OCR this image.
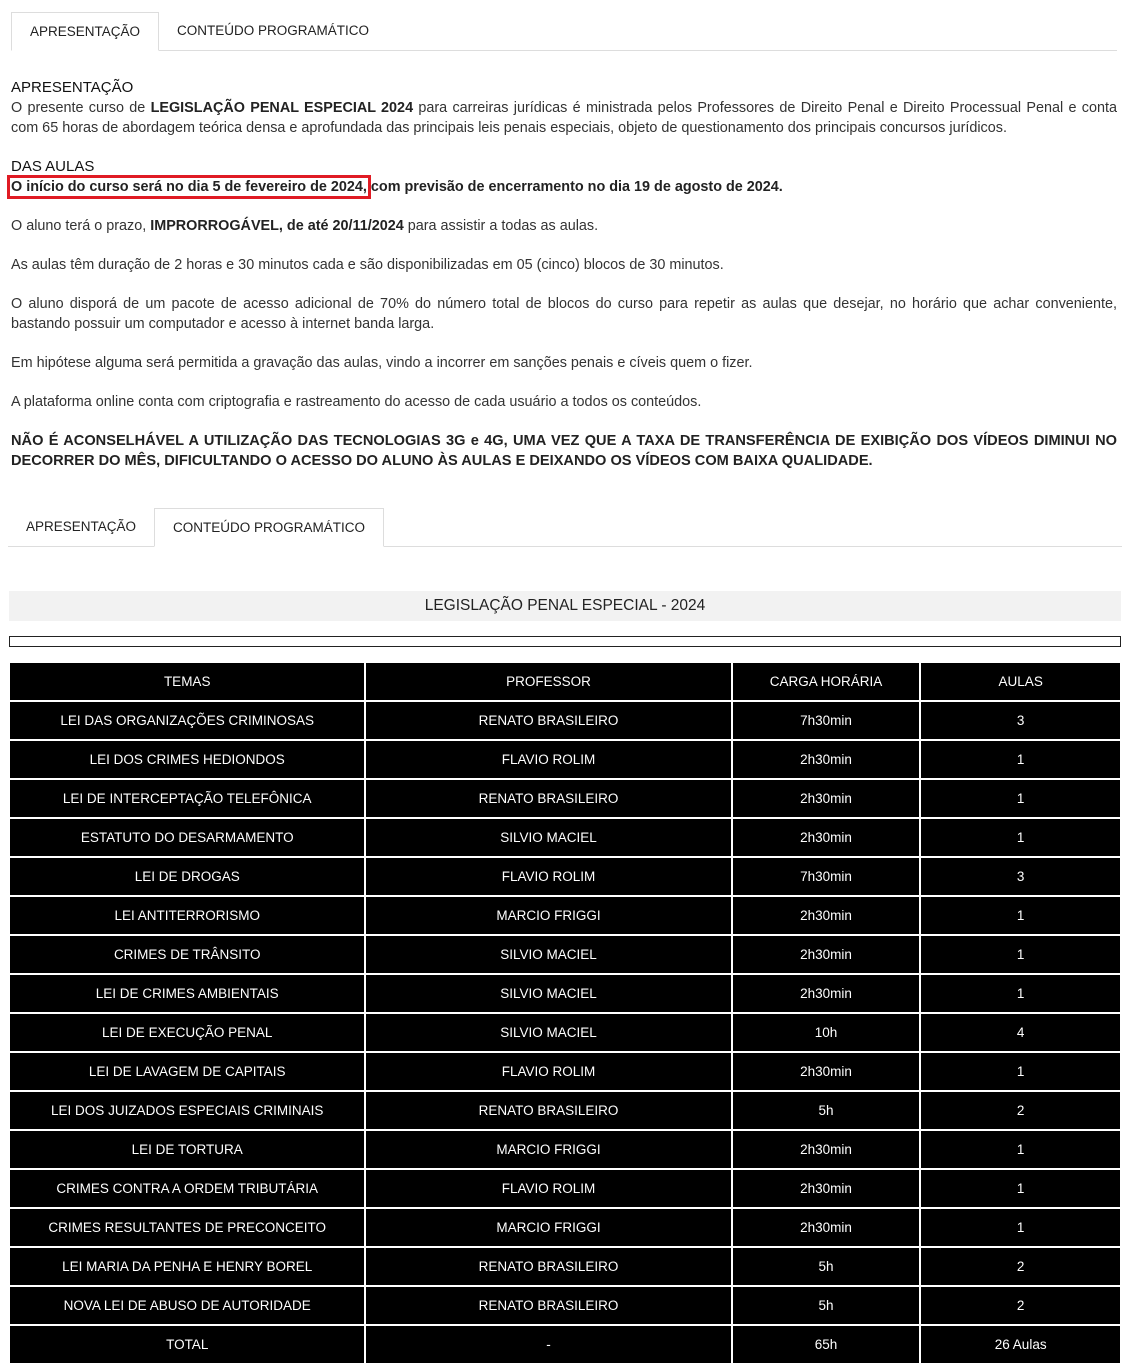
APRESENTAÇÃO	CONTEÚDO PROGRAMÁTICO

APRESENTAÇÃO

O presente curso de LEGISLAÇÃO PENAL ESPECIAL 2024 para carreiras jurídicas é ministrada pelos Professores de Direito Penal e Direito Processual Penal e conta com 65 horas de abordagem teórica densa e aprofundada das principais leis penais especiais, objeto de questionamento dos principais concursos jurídicos.

DAS AULAS

O início do curso será no dia 5 de fevereiro de 2024, com previsão de encerramento no dia 19 de agosto de 2024.

O aluno terá o prazo, IMPRORROGÁVEL, de até 20/11/2024 para assistir a todas as aulas.

As aulas têm duração de 2 horas e 30 minutos cada e são disponibilizadas em 05 (cinco) blocos de 30 minutos.

O aluno disporá de um pacote de acesso adicional de 70% do número total de blocos do curso para repetir as aulas que desejar, no horário que achar conveniente, bastando possuir um computador e acesso à internet banda larga.

Em hipótese alguma será permitida a gravação das aulas, vindo a incorrer em sanções penais e cíveis quem o fizer.

A plataforma online conta com criptografia e rastreamento do acesso de cada usuário a todos os conteúdos.

NÃO É ACONSELHÁVEL A UTILIZAÇÃO DAS TECNOLOGIAS 3G e 4G, UMA VEZ QUE A TAXA DE TRANSFERÊNCIA DE EXIBIÇÃO DOS VÍDEOS DIMINUI NO DECORRER DO MÊS, DIFICULTANDO O ACESSO DO ALUNO ÀS AULAS E DEIXANDO OS VÍDEOS COM BAIXA QUALIDADE.

APRESENTAÇÃO	CONTEÚDO PROGRAMÁTICO
LEGISLAÇÃO PENAL ESPECIAL - 2024
TEMAS	PROFESSOR	CARGA HORÁRIA	AULAS
LEI DAS ORGANIZAÇÕES CRIMINOSAS	RENATO BRASILEIRO	7h30min	3
LEI DOS CRIMES HEDIONDOS	FLAVIO ROLIM	2h30min	1
LEI DE INTERCEPTAÇÃO TELEFÔNICA	RENATO BRASILEIRO	2h30min	1
ESTATUTO DO DESARMAMENTO	SILVIO MACIEL	2h30min	1
LEI DE DROGAS	FLAVIO ROLIM	7h30min	3
LEI ANTITERRORISMO	MARCIO FRIGGI	2h30min	1
CRIMES DE TRÂNSITO	SILVIO MACIEL	2h30min	1
LEI DE CRIMES AMBIENTAIS	SILVIO MACIEL	2h30min	1
LEI DE EXECUÇÃO PENAL	SILVIO MACIEL	10h	4
LEI DE LAVAGEM DE CAPITAIS	FLAVIO ROLIM	2h30min	1
LEI DOS JUIZADOS ESPECIAIS CRIMINAIS	RENATO BRASILEIRO	5h	2
LEI DE TORTURA	MARCIO FRIGGI	2h30min	1
CRIMES CONTRA A ORDEM TRIBUTÁRIA	FLAVIO ROLIM	2h30min	1
CRIMES RESULTANTES DE PRECONCEITO	MARCIO FRIGGI	2h30min	1
LEI MARIA DA PENHA E HENRY BOREL	RENATO BRASILEIRO	5h	2
NOVA LEI DE ABUSO DE AUTORIDADE	RENATO BRASILEIRO	5h	2
TOTAL	-	65h	26 Aulas
